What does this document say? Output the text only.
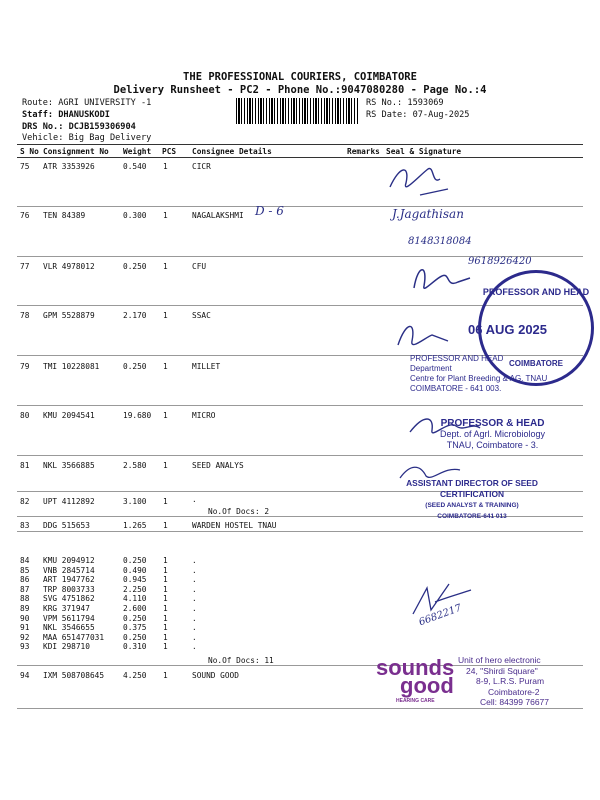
THE PROFESSIONAL COURIERS, COIMBATORE
Delivery Runsheet - PC2 - Phone No.:9047080280 - Page No.:4
Route: AGRI UNIVERSITY -1
Staff: DHANUSKODI
DRS No.: DCJB159306904
Vehicle: Big Bag Delivery
RS No.: 1593069
RS Date: 07-Aug-2025
S No Consignment No Weight PCS Consignee Details	Remarks Seal & Signature
75 ATR 3353926	0.540 1	CICR
76 TEN 84389	0.300 1	NAGALAKSHMI
77 VLR 4978012	0.250 1	CFU
78 GPM 5528879	2.170 1	SSAC
79 TMI 10228081	0.250 1	MILLET
80 KMU 2094541	19.680 1	MICRO
81 NKL 3566885	2.580 1	SEED ANALYS
82 UPT 4112892	3.100 1	.
No.Of Docs: 2
83 DDG 515653	1.265 1	WARDEN HOSTEL TNAU
84 KMU 2094912	0.250 1	.
85 VNB 2845714	0.490 1	.
86 ART 1947762	0.945 1	.
87 TRP 8003733	2.250 1	.
88 SVG 4751862	4.110 1	.
89 KRG 371947	2.600 1	.
90 VPM 5611794	0.250 1	.
91 NKL 3546655	0.375 1	.
92 MAA 651477031 0.250 1	.
93 KDI 298710	0.310 1	.
No.Of Docs: 11
94 IXM 508708645 4.250 1	SOUND GOOD
D - 6	J.Jagathisan
8148318084
9618926420
6682217
PROFESSOR AND HEAD
COIMBATORE
06 AUG 2025
PROFESSOR AND HEAD
Department
Centre for Plant Breeding & AG. TNAU
COIMBATORE - 641 003.
PROFESSOR & HEAD
Dept. of Agrl. Microbiology
TNAU, Coimbatore - 3.
ASSISTANT DIRECTOR OF SEED CERTIFICATION
(SEED ANALYST & TRAINING)
COIMBATORE-641 013
sounds
good
HEARING CARE
Unit of hero electronic
24, "Shirdi Square"
8-9, L.R.S. Puram
Coimbatore-2
Cell: 84399 76677
